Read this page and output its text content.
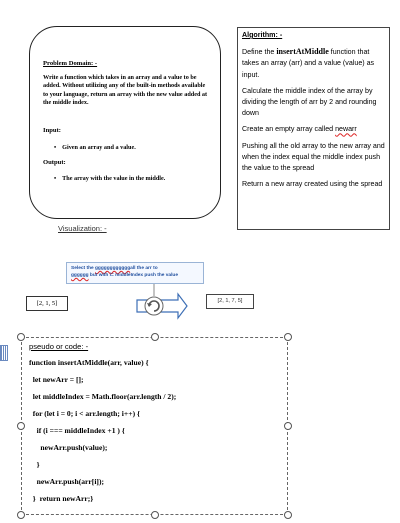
Problem Domain: -
Write a function which takes in an array and a value to be added. Without utilizing any of the built-in methods available to your language, return an array with the new value added at the middle index.
Input:
• Given an array and a value.
Output:
• The array with the value in the middle.
Algorithm: -
Define the insertAtMiddle function that takes an array (arr) and a value (value) as input.
Calculate the middle index of the array by dividing the length of arr by 2 and rounding down
Create an empty array called newarr
Pushing all the old array to the new array and when the index equal the middle index push the value to the spread
Return a new array created using the spread
Visualization: -
Select the ggggggggggggall the arr to
gggggg but with i= middleIndex push the value
[2, 1, 5]	[2, 1, 7, 5]
pseudo or code: -
function insertAtMiddle(arr, value) {
let newArr = [];
let middleIndex = Math.floor(arr.length / 2);
for (let i = 0; i < arr.length; i++) {
if (i === middleIndex +1 ) {
newArr.push(value);
}
newArr.push(arr[i]);
}  return newArr;}
